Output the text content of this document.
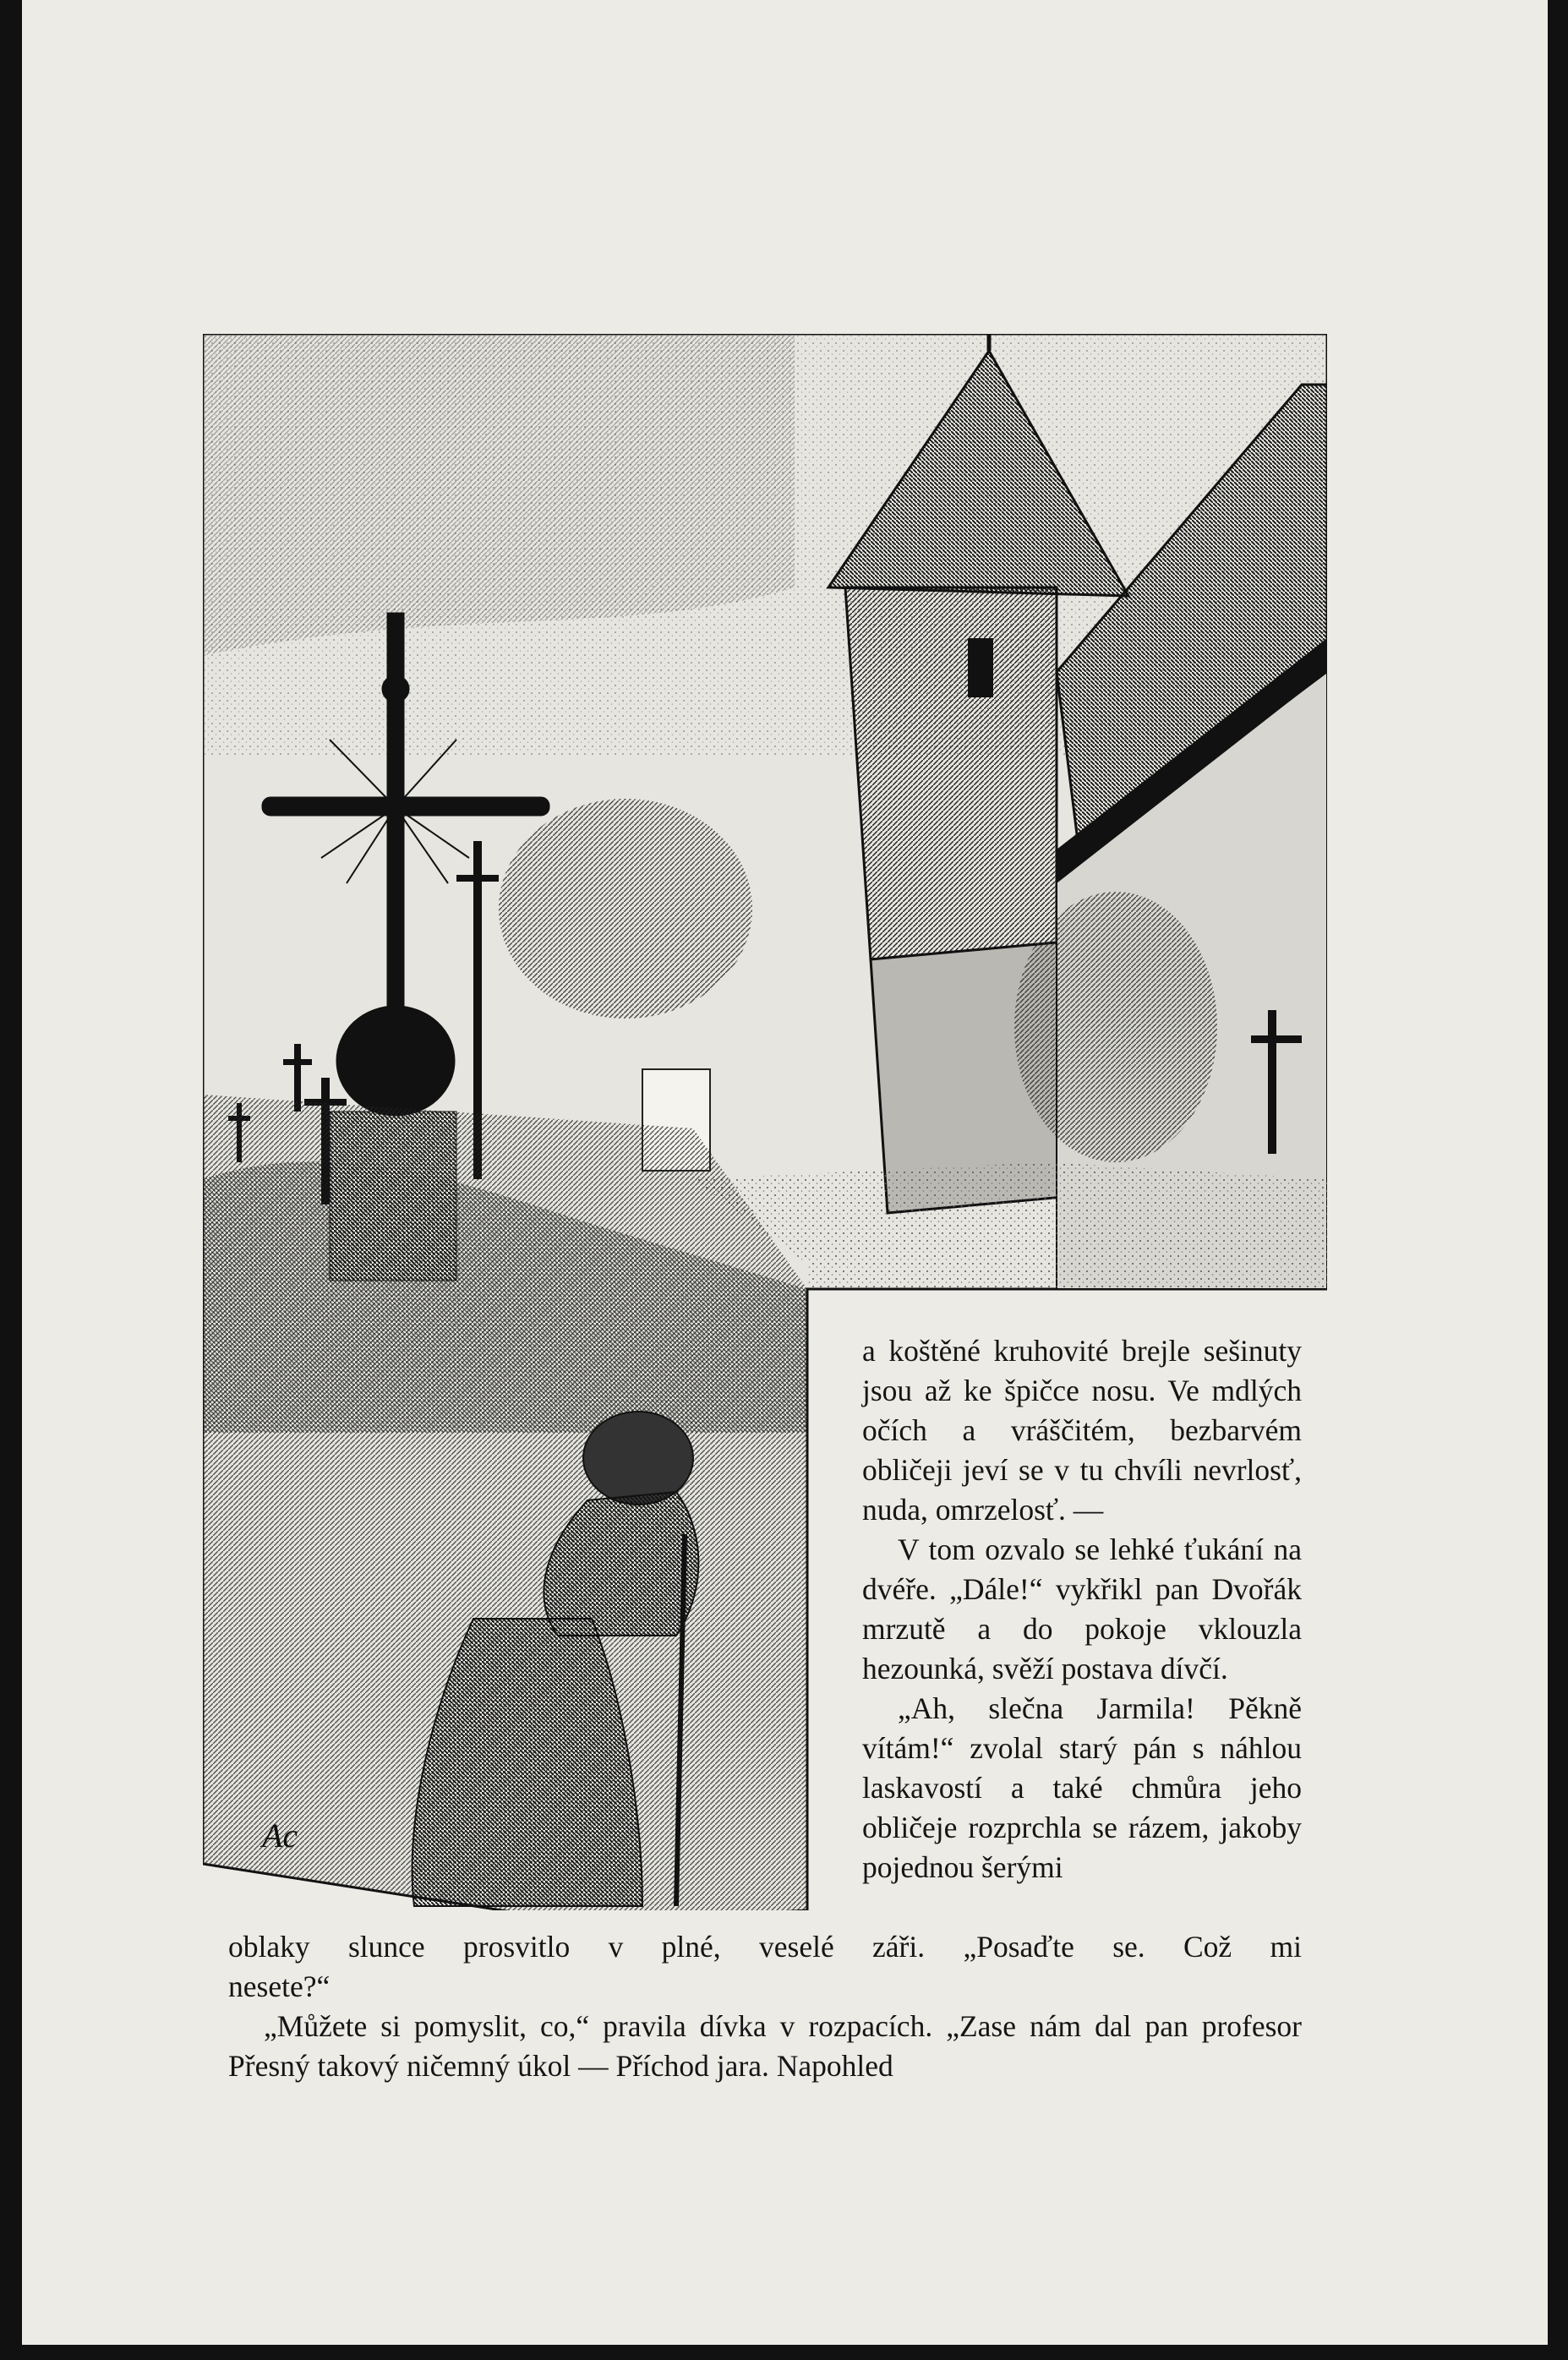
Ac

a koštěné kruhovité brejle sešinuty jsou až ke špičce nosu. Ve mdlých očích a vráščitém, bezbarvém obličeji jeví se v tu chvíli nevrlosť, nuda, omrzelosť. —

V tom ozvalo se lehké ťukání na dvéře. „Dále!“ vykřikl pan Dvořák mrzutě a do pokoje vklouzla hezounká, svěží postava dívčí.

„Ah, slečna Jarmila! Pěkně vítám!“ zvolal starý pán s náhlou laskavostí a také chmůra jeho obličeje rozprchla se rázem, jakoby pojednou šerými

oblaky slunce prosvitlo v plné, veselé záři. „Posaďte se. Což mi

nesete?“

„Můžete si pomyslit, co,“ pravila dívka v rozpacích. „Zase nám dal pan profesor Přesný takový ničemný úkol — Příchod jara. Napohled
